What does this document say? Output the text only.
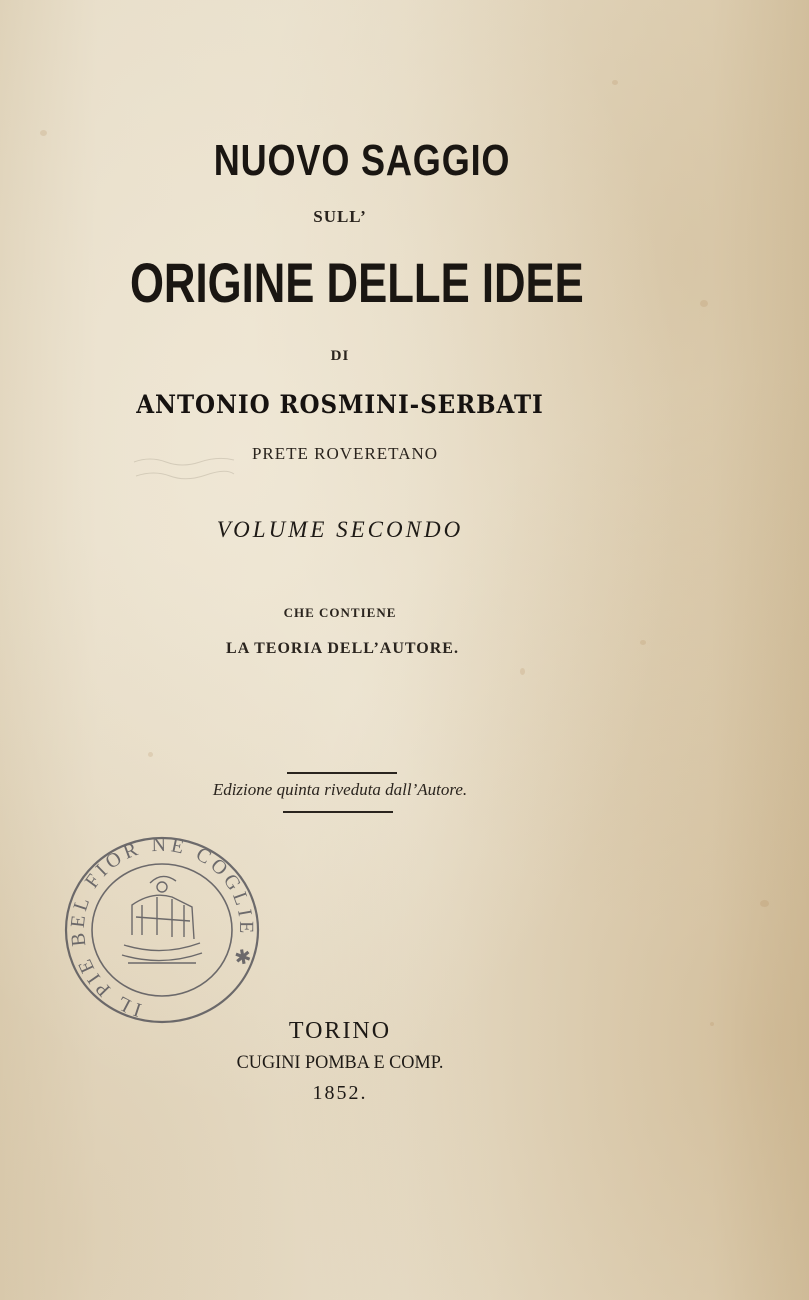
NUOVO SAGGIO

SULL’

ORIGINE DELLE IDEE

DI

ANTONIO ROSMINI-SERBATI

PRETE ROVERETANO

VOLUME SECONDO

CHE CONTIENE

LA TEORIA DELL’AUTORE.

Edizione quinta riveduta dall’Autore.

IL PIE BEL FIOR NE COGLIE ✱

TORINO

CUGINI POMBA E COMP.

1852.
